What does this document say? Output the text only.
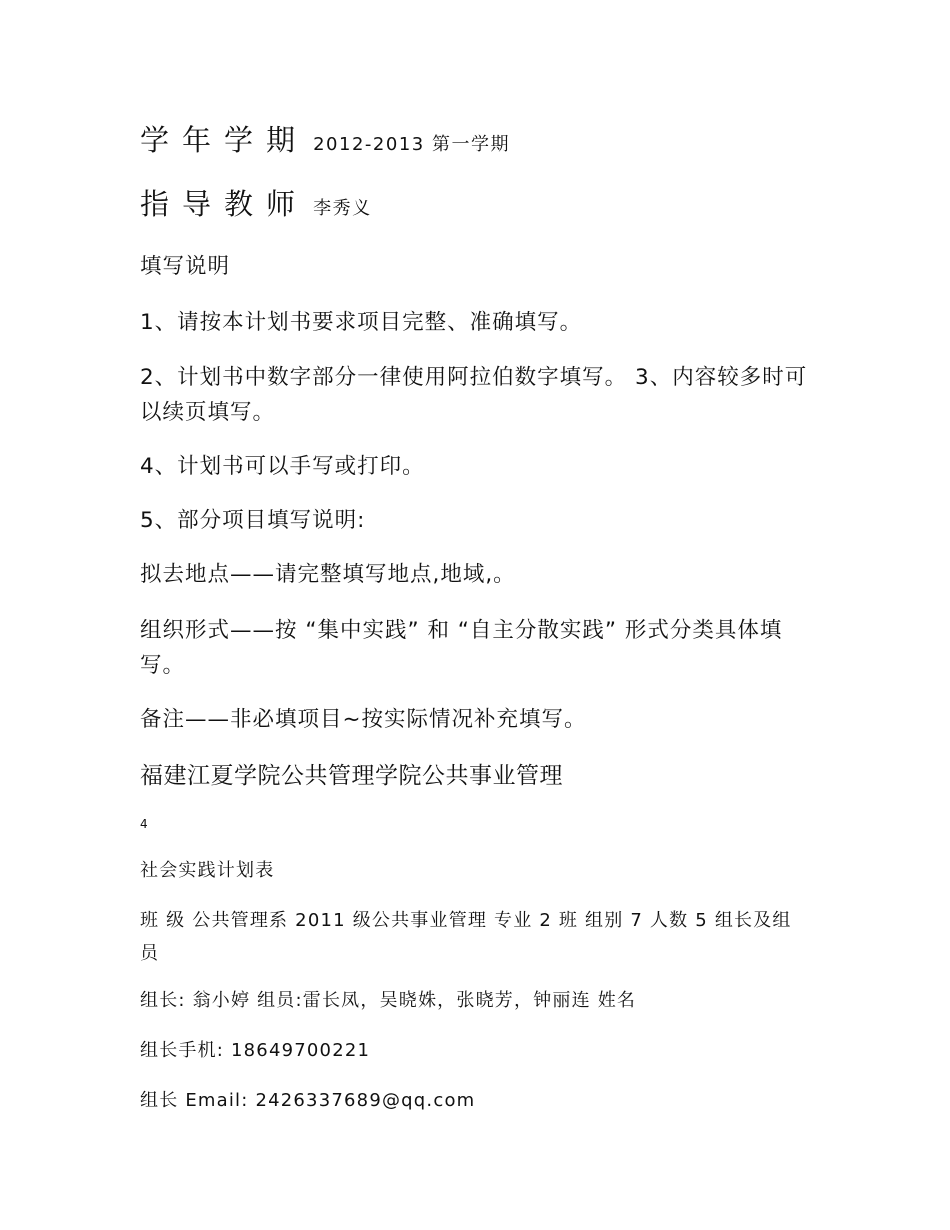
学年学期 2012-2013 第一学期
指导教师 李秀义
填写说明
1、请按本计划书要求项目完整、准确填写。
2、计划书中数字部分一律使用阿拉伯数字填写。 3、内容较多时可以续页填写。
4、计划书可以手写或打印。
5、部分项目填写说明:
拟去地点——请完整填写地点,地域,。
组织形式——按 “集中实践” 和 “自主分散实践” 形式分类具体填写。
备注——非必填项目~按实际情况补充填写。
福建江夏学院公共管理学院公共事业管理
4
社会实践计划表
班 级 公共管理系 2011 级公共事业管理 专业 2 班 组别 7 人数 5 组长及组员
组长: 翁小婷 组员:雷长凤，吴晓姝，张晓芳，钟丽连 姓名
组长手机: 18649700221
组长 Email: 2426337689@qq.com
